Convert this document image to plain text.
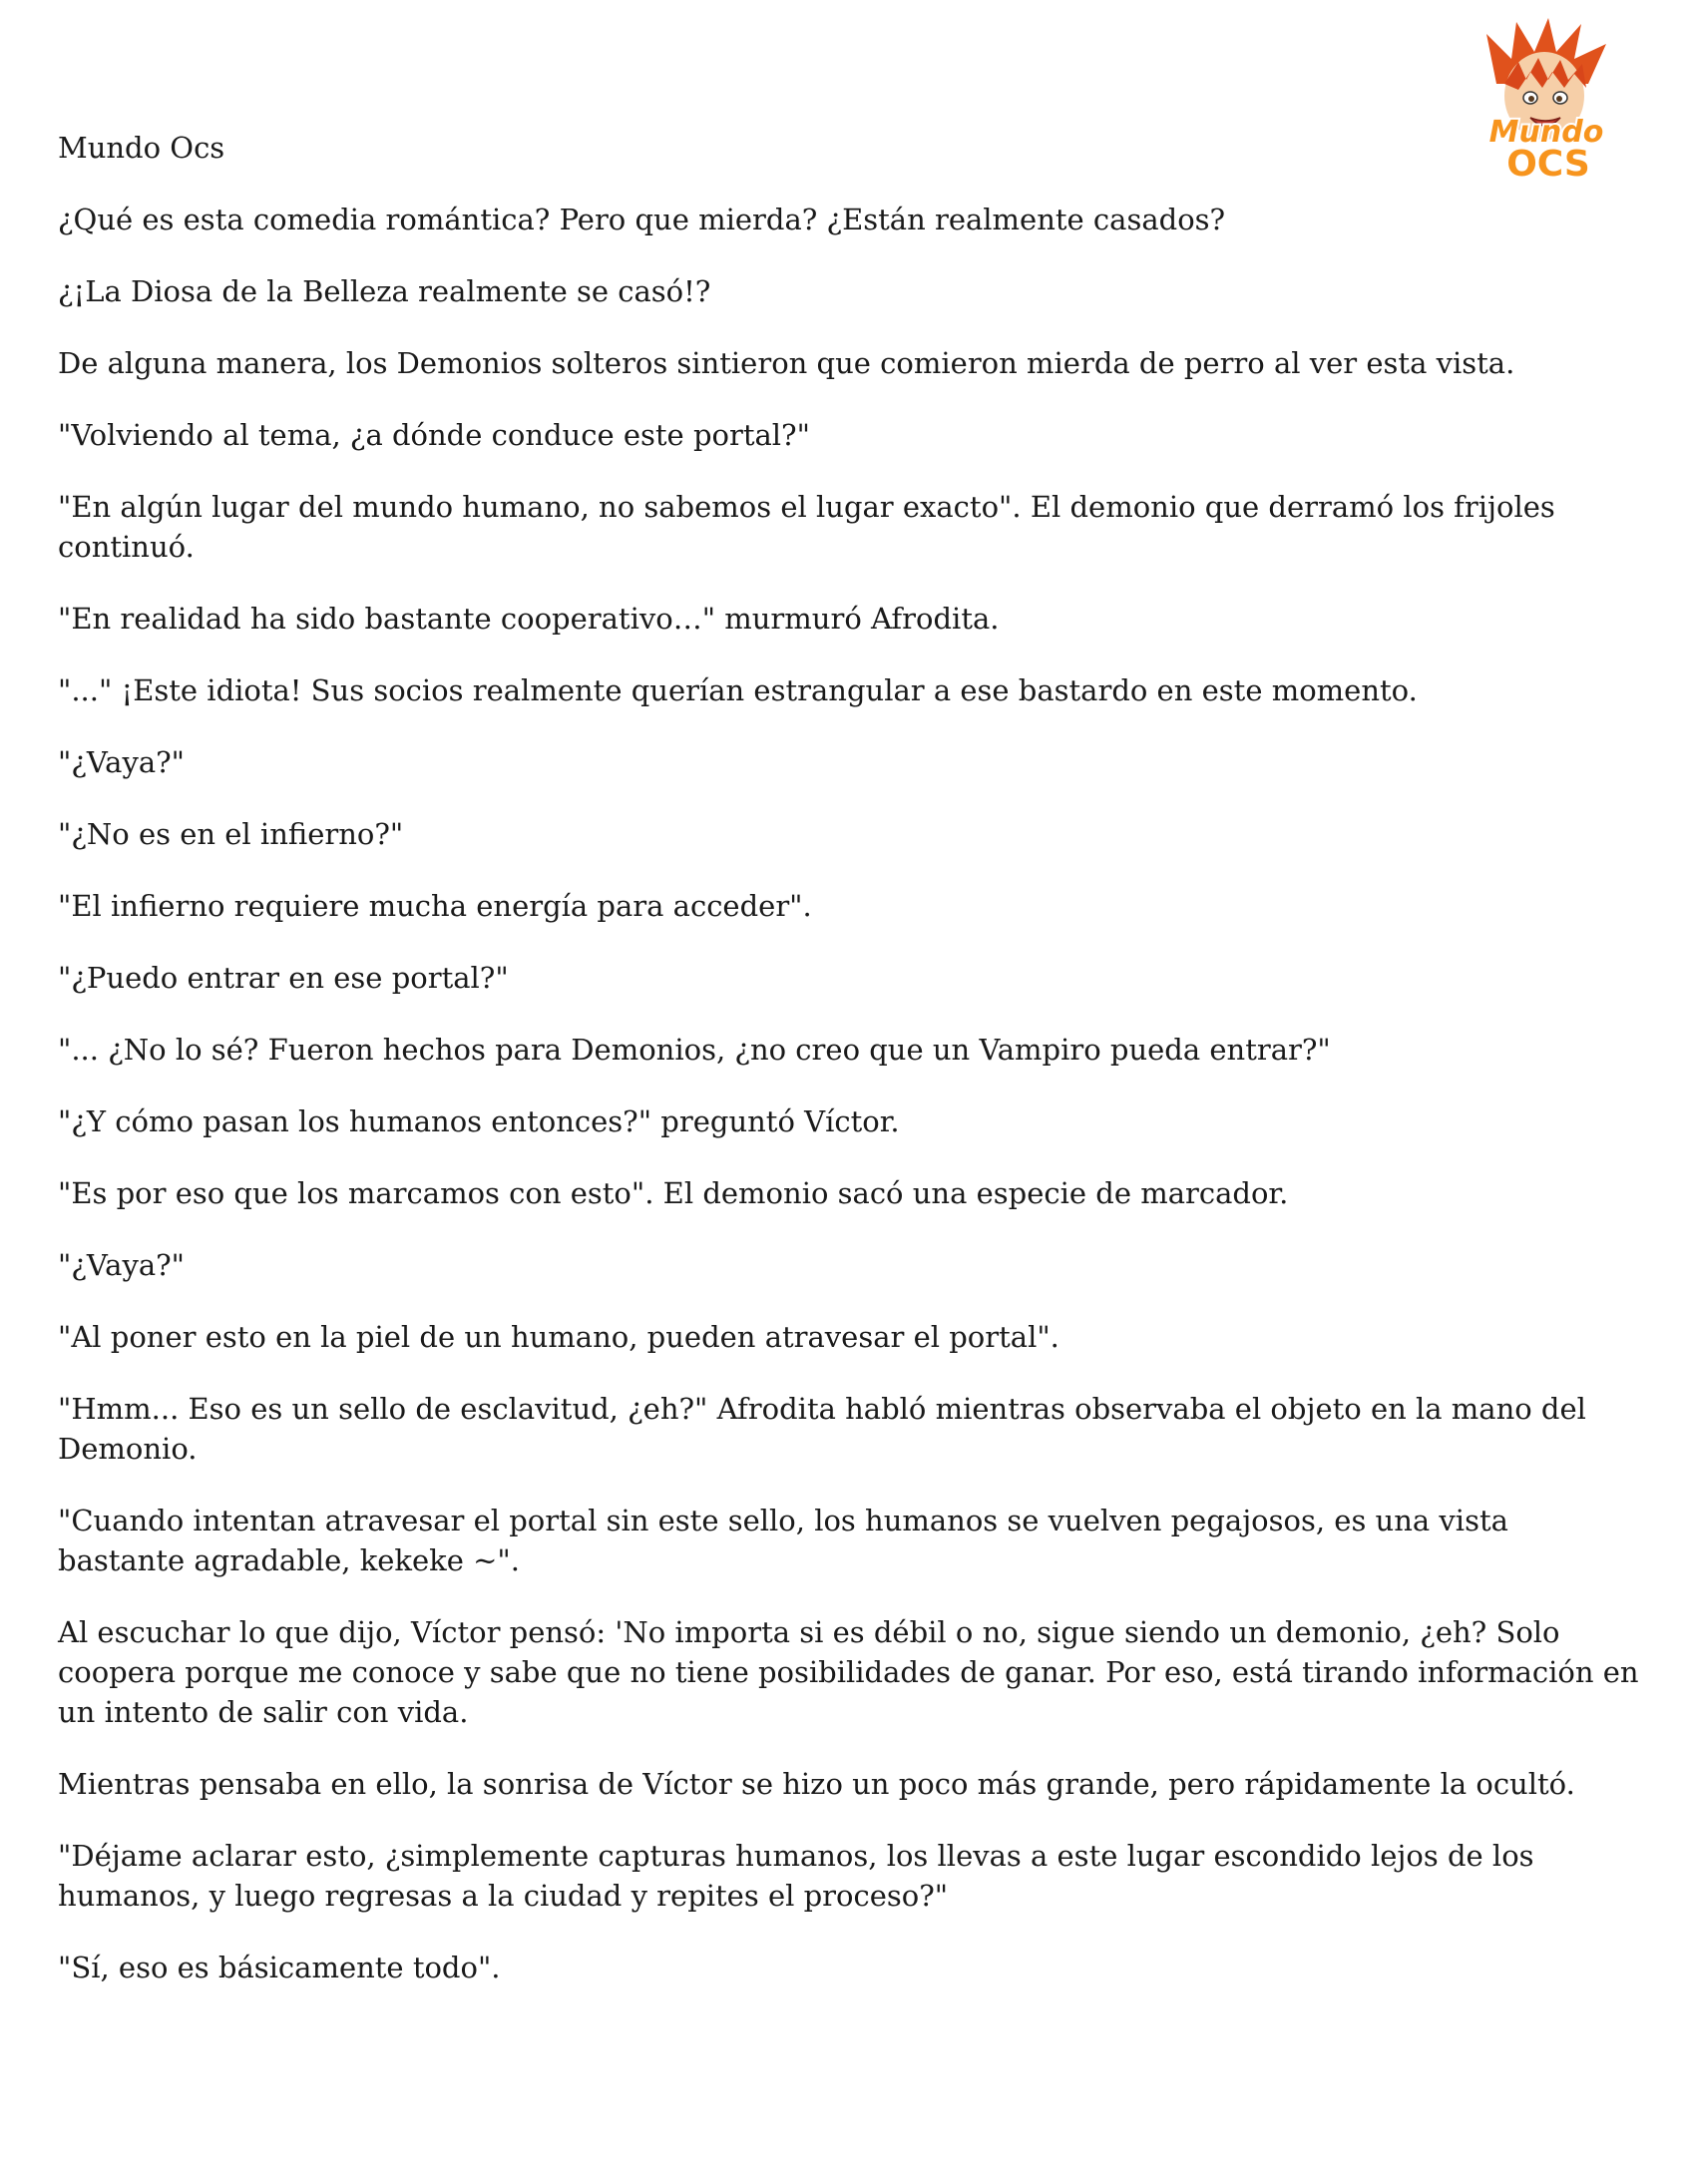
Mundo
OCS

Mundo Ocs

¿Qué es esta comedia romántica? Pero que mierda? ¿Están realmente casados?

¿¡La Diosa de la Belleza realmente se casó!?

De alguna manera, los Demonios solteros sintieron que comieron mierda de perro al ver esta vista.

"Volviendo al tema, ¿a dónde conduce este portal?"

"En algún lugar del mundo humano, no sabemos el lugar exacto". El demonio que derramó los frijoles continuó.

"En realidad ha sido bastante cooperativo…" murmuró Afrodita.

"..." ¡Este idiota! Sus socios realmente querían estrangular a ese bastardo en este momento.

"¿Vaya?"

"¿No es en el infierno?"

"El infierno requiere mucha energía para acceder".

"¿Puedo entrar en ese portal?"

"... ¿No lo sé? Fueron hechos para Demonios, ¿no creo que un Vampiro pueda entrar?"

"¿Y cómo pasan los humanos entonces?" preguntó Víctor.

"Es por eso que los marcamos con esto". El demonio sacó una especie de marcador.

"¿Vaya?"

"Al poner esto en la piel de un humano, pueden atravesar el portal".

"Hmm... Eso es un sello de esclavitud, ¿eh?" Afrodita habló mientras observaba el objeto en la mano del Demonio.

"Cuando intentan atravesar el portal sin este sello, los humanos se vuelven pegajosos, es una vista bastante agradable, kekeke ~".

Al escuchar lo que dijo, Víctor pensó: 'No importa si es débil o no, sigue siendo un demonio, ¿eh? Solo coopera porque me conoce y sabe que no tiene posibilidades de ganar. Por eso, está tirando información en un intento de salir con vida.

Mientras pensaba en ello, la sonrisa de Víctor se hizo un poco más grande, pero rápidamente la ocultó.

"Déjame aclarar esto, ¿simplemente capturas humanos, los llevas a este lugar escondido lejos de los humanos, y luego regresas a la ciudad y repites el proceso?"

"Sí, eso es básicamente todo".
